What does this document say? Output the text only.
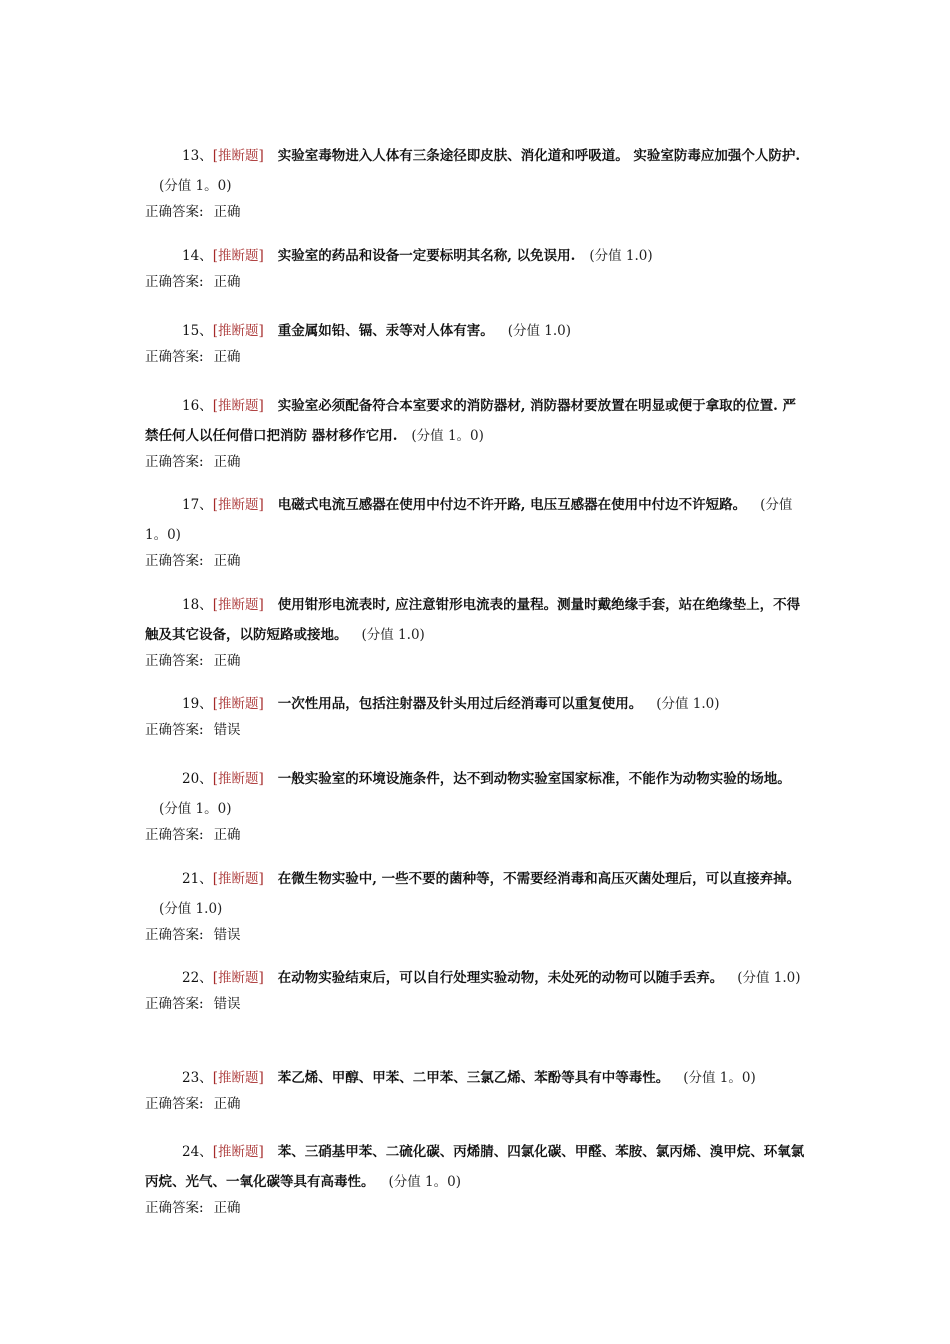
13、[推断题] 实验室毒物进入人体有三条途径即皮肤、消化道和呼吸道。 实验室防毒应加强个人防护.(分值 1。0)

正确答案: 正确

14、[推断题] 实验室的药品和设备一定要标明其名称, 以免误用. (分值 1.0)

正确答案: 正确

15、[推断题] 重金属如铅、镉、汞等对人体有害。 (分值 1.0)

正确答案: 正确

16、[推断题] 实验室必须配备符合本室要求的消防器材, 消防器材要放置在明显或便于拿取的位置. 严禁任何人以任何借口把消防 器材移作它用. (分值 1。0)

正确答案: 正确

17、[推断题] 电磁式电流互感器在使用中付边不许开路, 电压互感器在使用中付边不许短路。 (分值 1。0)

正确答案: 正确

18、[推断题] 使用钳形电流表时, 应注意钳形电流表的量程。测量时戴绝缘手套，站在绝缘垫上，不得触及其它设备，以防短路或接地。 (分值 1.0)

正确答案: 正确

19、[推断题] 一次性用品，包括注射器及针头用过后经消毒可以重复使用。 (分值 1.0)

正确答案: 错误

20、[推断题] 一般实验室的环境设施条件，达不到动物实验室国家标准，不能作为动物实验的场地。(分值 1。0)

正确答案: 正确

21、[推断题] 在微生物实验中, 一些不要的菌种等，不需要经消毒和高压灭菌处理后，可以直接弃掉。(分值 1.0)

正确答案: 错误

22、[推断题] 在动物实验结束后，可以自行处理实验动物，未处死的动物可以随手丢弃。 (分值 1.0)

正确答案: 错误

23、[推断题] 苯乙烯、甲醇、甲苯、二甲苯、三氯乙烯、苯酚等具有中等毒性。 (分值 1。0)

正确答案: 正确

24、[推断题] 苯、三硝基甲苯、二硫化碳、丙烯腈、四氯化碳、甲醛、苯胺、氯丙烯、溴甲烷、环氧氯丙烷、光气、一氧化碳等具有高毒性。 (分值 1。0)

正确答案: 正确
